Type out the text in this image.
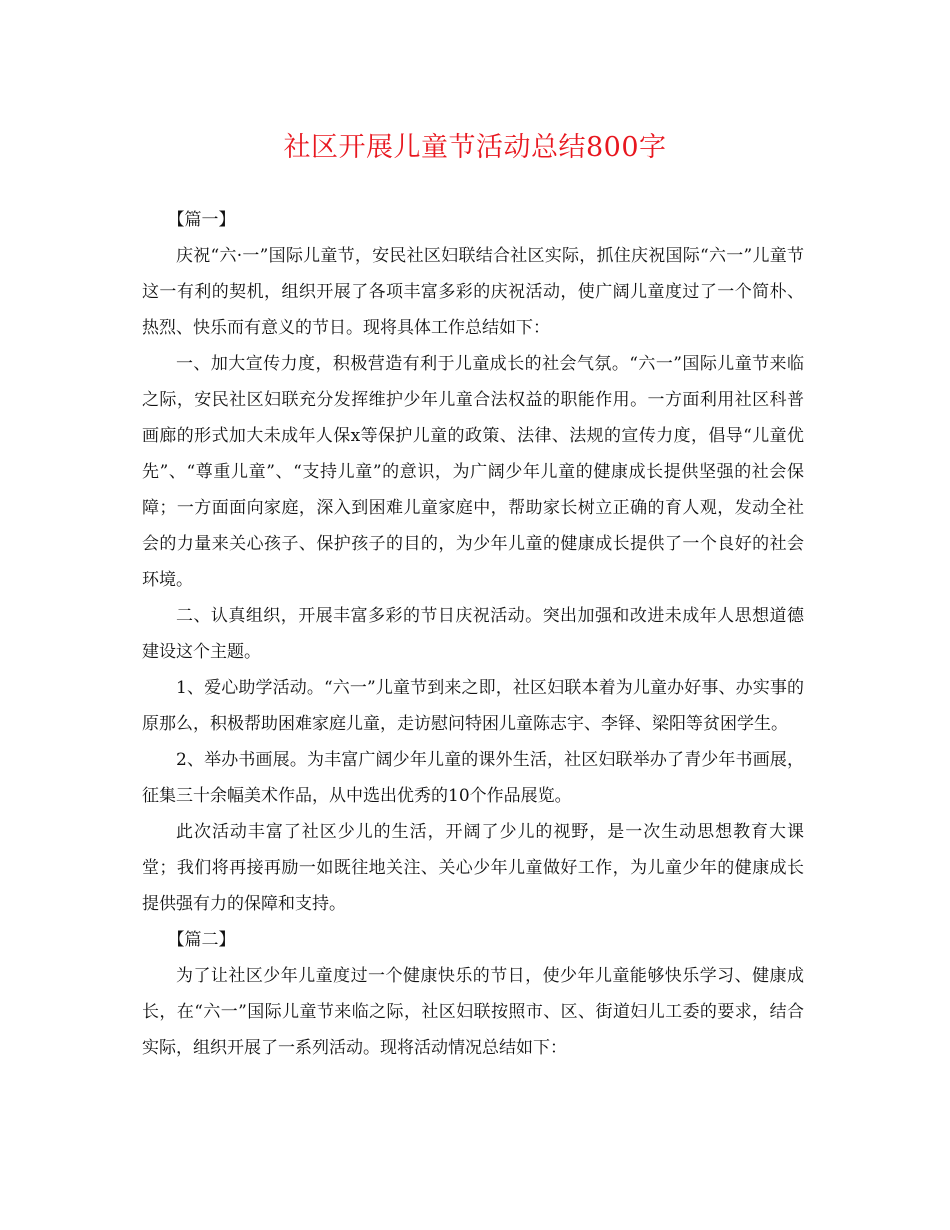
社区开展儿童节活动总结800字

【篇一】

庆祝“六·一”国际儿童节，安民社区妇联结合社区实际，抓住庆祝国际“六一”儿童节这一有利的契机，组织开展了各项丰富多彩的庆祝活动，使广阔儿童度过了一个简朴、热烈、快乐而有意义的节日。现将具体工作总结如下：

一、加大宣传力度，积极营造有利于儿童成长的社会气氛。“六一”国际儿童节来临之际，安民社区妇联充分发挥维护少年儿童合法权益的职能作用。一方面利用社区科普画廊的形式加大未成年人保x等保护儿童的政策、法律、法规的宣传力度，倡导“儿童优先”、“尊重儿童”、“支持儿童”的意识，为广阔少年儿童的健康成长提供坚强的社会保障；一方面面向家庭，深入到困难儿童家庭中，帮助家长树立正确的育人观，发动全社会的力量来关心孩子、保护孩子的目的，为少年儿童的健康成长提供了一个良好的社会环境。

二、认真组织，开展丰富多彩的节日庆祝活动。突出加强和改进未成年人思想道德建设这个主题。

1、爱心助学活动。“六一”儿童节到来之即，社区妇联本着为儿童办好事、办实事的原那么，积极帮助困难家庭儿童，走访慰问特困儿童陈志宇、李铎、梁阳等贫困学生。

2、举办书画展。为丰富广阔少年儿童的课外生活，社区妇联举办了青少年书画展，征集三十余幅美术作品，从中选出优秀的10个作品展览。

此次活动丰富了社区少儿的生活，开阔了少儿的视野，是一次生动思想教育大课堂；我们将再接再励一如既往地关注、关心少年儿童做好工作，为儿童少年的健康成长提供强有力的保障和支持。

【篇二】

为了让社区少年儿童度过一个健康快乐的节日，使少年儿童能够快乐学习、健康成长，在“六一”国际儿童节来临之际，社区妇联按照市、区、街道妇儿工委的要求，结合实际，组织开展了一系列活动。现将活动情况总结如下：
